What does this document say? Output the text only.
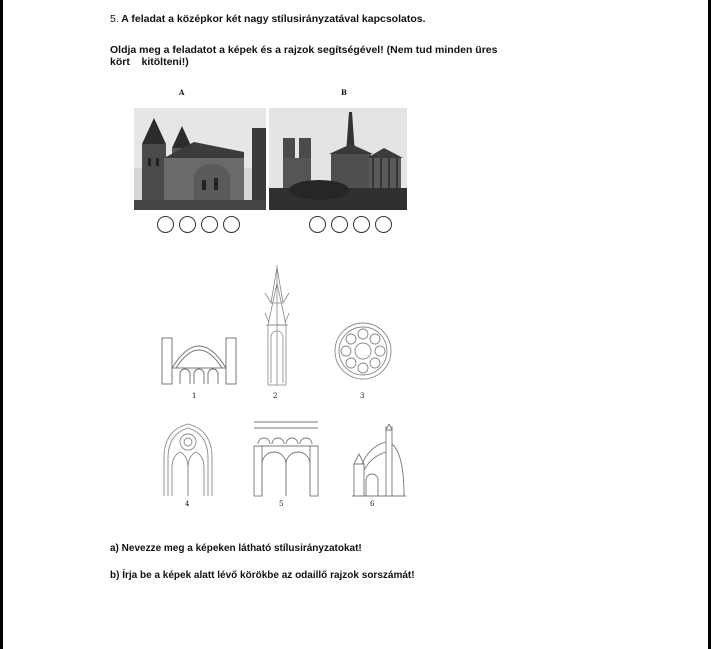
5. A feladat a középkor két nagy stílusirányzatával kapcsolatos.
Oldja meg a feladatot a képek és a rajzok segítségével! (Nem tud minden üres
kört    kitölteni!)
A	B
1	2	3
4	5	6
a) Nevezze meg a képeken látható stílusirányzatokat!
b) Írja be a képek alatt lévő körökbe az odaillő rajzok sorszámát!
